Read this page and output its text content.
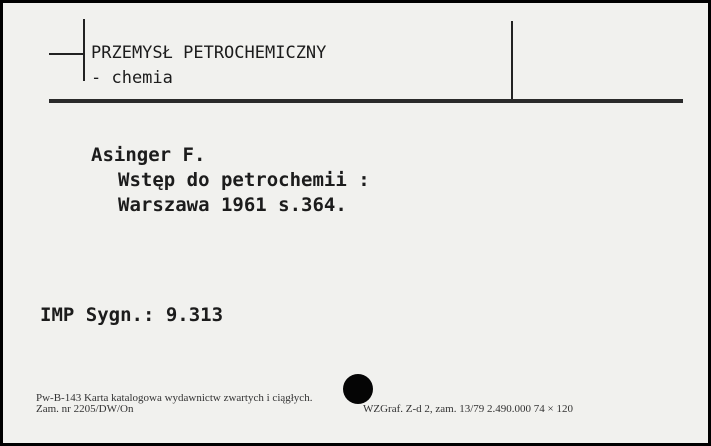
PRZEMYSŁ PETROCHEMICZNY
- chemia
Asinger F.
Wstęp do petrochemii :
Warszawa 1961 s.364.
IMP Sygn.: 9.313
Pw-B-143 Karta katalogowa wydawnictw zwartych i ciągłych.
Zam. nr 2205/DW/On	WZGraf. Z-d 2, zam. 13/79 2.490.000 74 × 120
